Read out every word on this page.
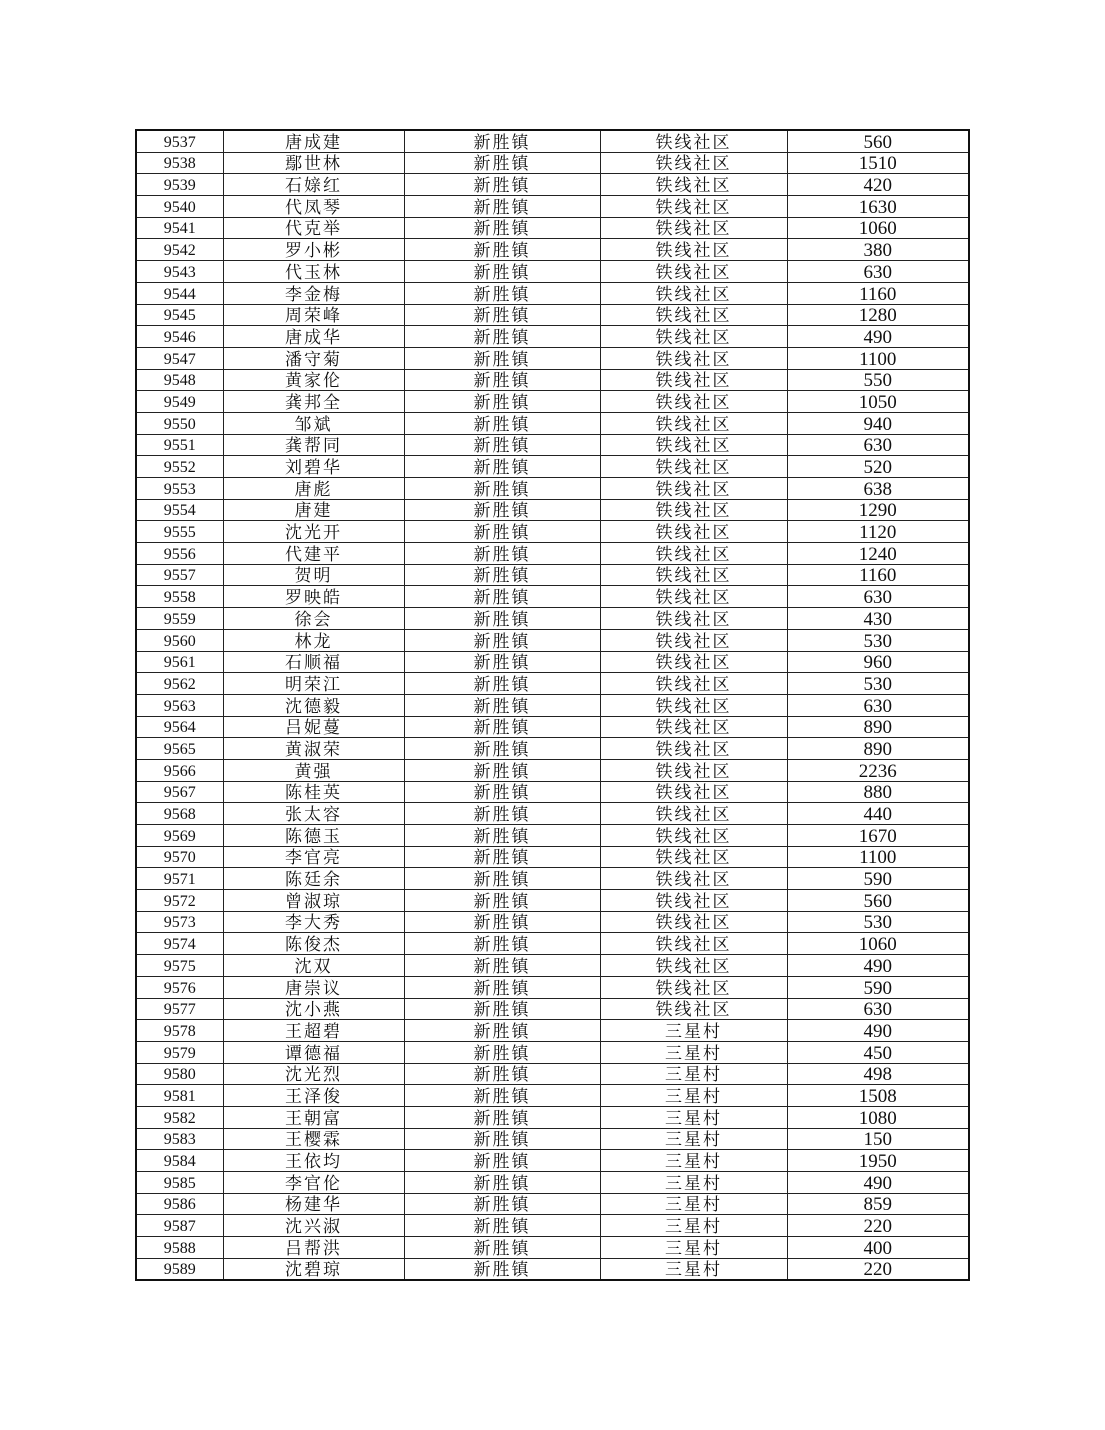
9537	唐成建	新胜镇	铁线社区	560
9538	鄢世林	新胜镇	铁线社区	1510
9539	石媇红	新胜镇	铁线社区	420
9540	代凤琴	新胜镇	铁线社区	1630
9541	代克举	新胜镇	铁线社区	1060
9542	罗小彬	新胜镇	铁线社区	380
9543	代玉林	新胜镇	铁线社区	630
9544	李金梅	新胜镇	铁线社区	1160
9545	周荣峰	新胜镇	铁线社区	1280
9546	唐成华	新胜镇	铁线社区	490
9547	潘守菊	新胜镇	铁线社区	1100
9548	黄家伦	新胜镇	铁线社区	550
9549	龚邦全	新胜镇	铁线社区	1050
9550	邹斌	新胜镇	铁线社区	940
9551	龚帮同	新胜镇	铁线社区	630
9552	刘碧华	新胜镇	铁线社区	520
9553	唐彪	新胜镇	铁线社区	638
9554	唐建	新胜镇	铁线社区	1290
9555	沈光开	新胜镇	铁线社区	1120
9556	代建平	新胜镇	铁线社区	1240
9557	贺明	新胜镇	铁线社区	1160
9558	罗映皓	新胜镇	铁线社区	630
9559	徐会	新胜镇	铁线社区	430
9560	林龙	新胜镇	铁线社区	530
9561	石顺福	新胜镇	铁线社区	960
9562	明荣江	新胜镇	铁线社区	530
9563	沈德毅	新胜镇	铁线社区	630
9564	吕妮蔓	新胜镇	铁线社区	890
9565	黄淑荣	新胜镇	铁线社区	890
9566	黄强	新胜镇	铁线社区	2236
9567	陈桂英	新胜镇	铁线社区	880
9568	张太容	新胜镇	铁线社区	440
9569	陈德玉	新胜镇	铁线社区	1670
9570	李官亮	新胜镇	铁线社区	1100
9571	陈廷余	新胜镇	铁线社区	590
9572	曾淑琼	新胜镇	铁线社区	560
9573	李大秀	新胜镇	铁线社区	530
9574	陈俊杰	新胜镇	铁线社区	1060
9575	沈双	新胜镇	铁线社区	490
9576	唐崇议	新胜镇	铁线社区	590
9577	沈小燕	新胜镇	铁线社区	630
9578	王超碧	新胜镇	三星村	490
9579	谭德福	新胜镇	三星村	450
9580	沈光烈	新胜镇	三星村	498
9581	王泽俊	新胜镇	三星村	1508
9582	王朝富	新胜镇	三星村	1080
9583	王樱霖	新胜镇	三星村	150
9584	王依均	新胜镇	三星村	1950
9585	李官伦	新胜镇	三星村	490
9586	杨建华	新胜镇	三星村	859
9587	沈兴淑	新胜镇	三星村	220
9588	吕帮洪	新胜镇	三星村	400
9589	沈碧琼	新胜镇	三星村	220
